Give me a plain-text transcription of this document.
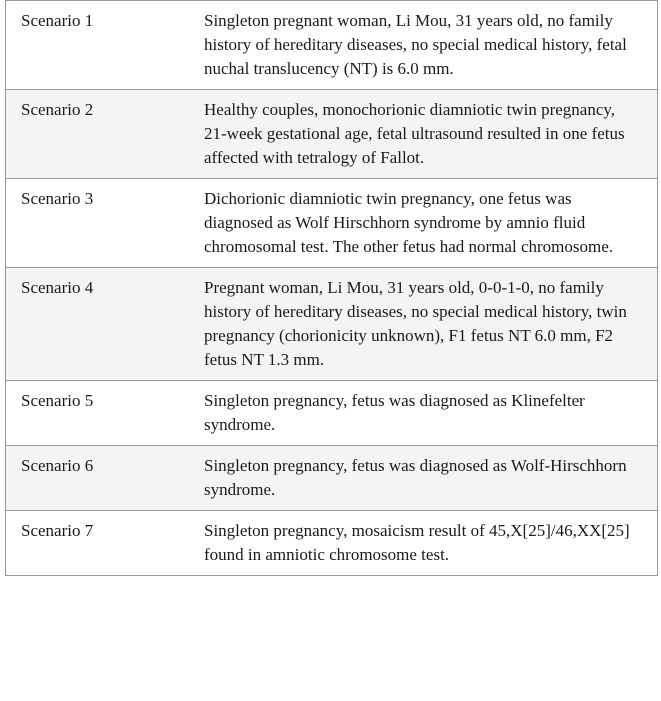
Scenario 1	Singleton pregnant woman, Li Mou, 31 years old, no family history of hereditary diseases, no special medical history, fetal nuchal translucency (NT) is 6.0 mm.
Scenario 2	Healthy couples, monochorionic diamniotic twin pregnancy, 21-week gestational age, fetal ultrasound resulted in one fetus affected with tetralogy of Fallot.
Scenario 3	Dichorionic diamniotic twin pregnancy, one fetus was diagnosed as Wolf Hirschhorn syndrome by amnio fluid chromosomal test. The other fetus had normal chromosome.
Scenario 4	Pregnant woman, Li Mou, 31 years old, 0-0-1-0, no family history of hereditary diseases, no special medical history, twin pregnancy (chorionicity unknown), F1 fetus NT 6.0 mm, F2 fetus NT 1.3 mm.
Scenario 5	Singleton pregnancy, fetus was diagnosed as Klinefelter syndrome.
Scenario 6	Singleton pregnancy, fetus was diagnosed as Wolf-Hirschhorn syndrome.
Scenario 7	Singleton pregnancy, mosaicism result of 45,X[25]/46,XX[25] found in amniotic chromosome test.
